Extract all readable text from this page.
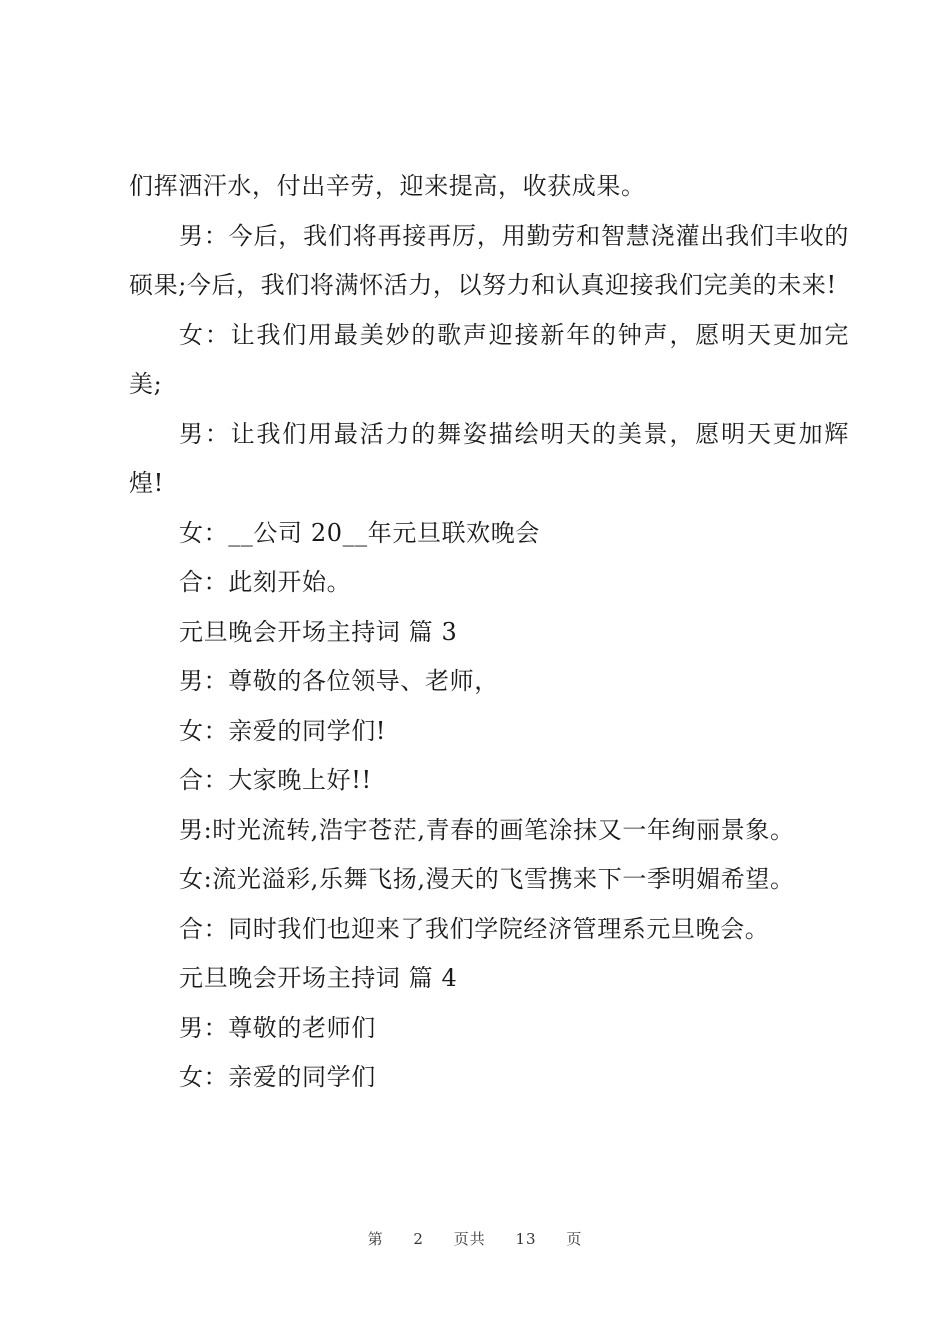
们挥洒汗水，付出辛劳，迎来提高，收获成果。

男：今后，我们将再接再厉，用勤劳和智慧浇灌出我们丰收的硕果;今后，我们将满怀活力，以努力和认真迎接我们完美的未来!

女：让我们用最美妙的歌声迎接新年的钟声，愿明天更加完美;

男：让我们用最活力的舞姿描绘明天的美景，愿明天更加辉煌!

女：__公司 20__年元旦联欢晚会

合：此刻开始。

元旦晚会开场主持词 篇 3

男：尊敬的各位领导、老师，

女：亲爱的同学们!

合：大家晚上好!!

男:时光流转,浩宇苍茫,青春的画笔涂抹又一年绚丽景象。

女:流光溢彩,乐舞飞扬,漫天的飞雪携来下一季明媚希望。

合：同时我们也迎来了我们学院经济管理系元旦晚会。

元旦晚会开场主持词 篇 4

男：尊敬的老师们

女：亲爱的同学们

第 2 页共 13 页
